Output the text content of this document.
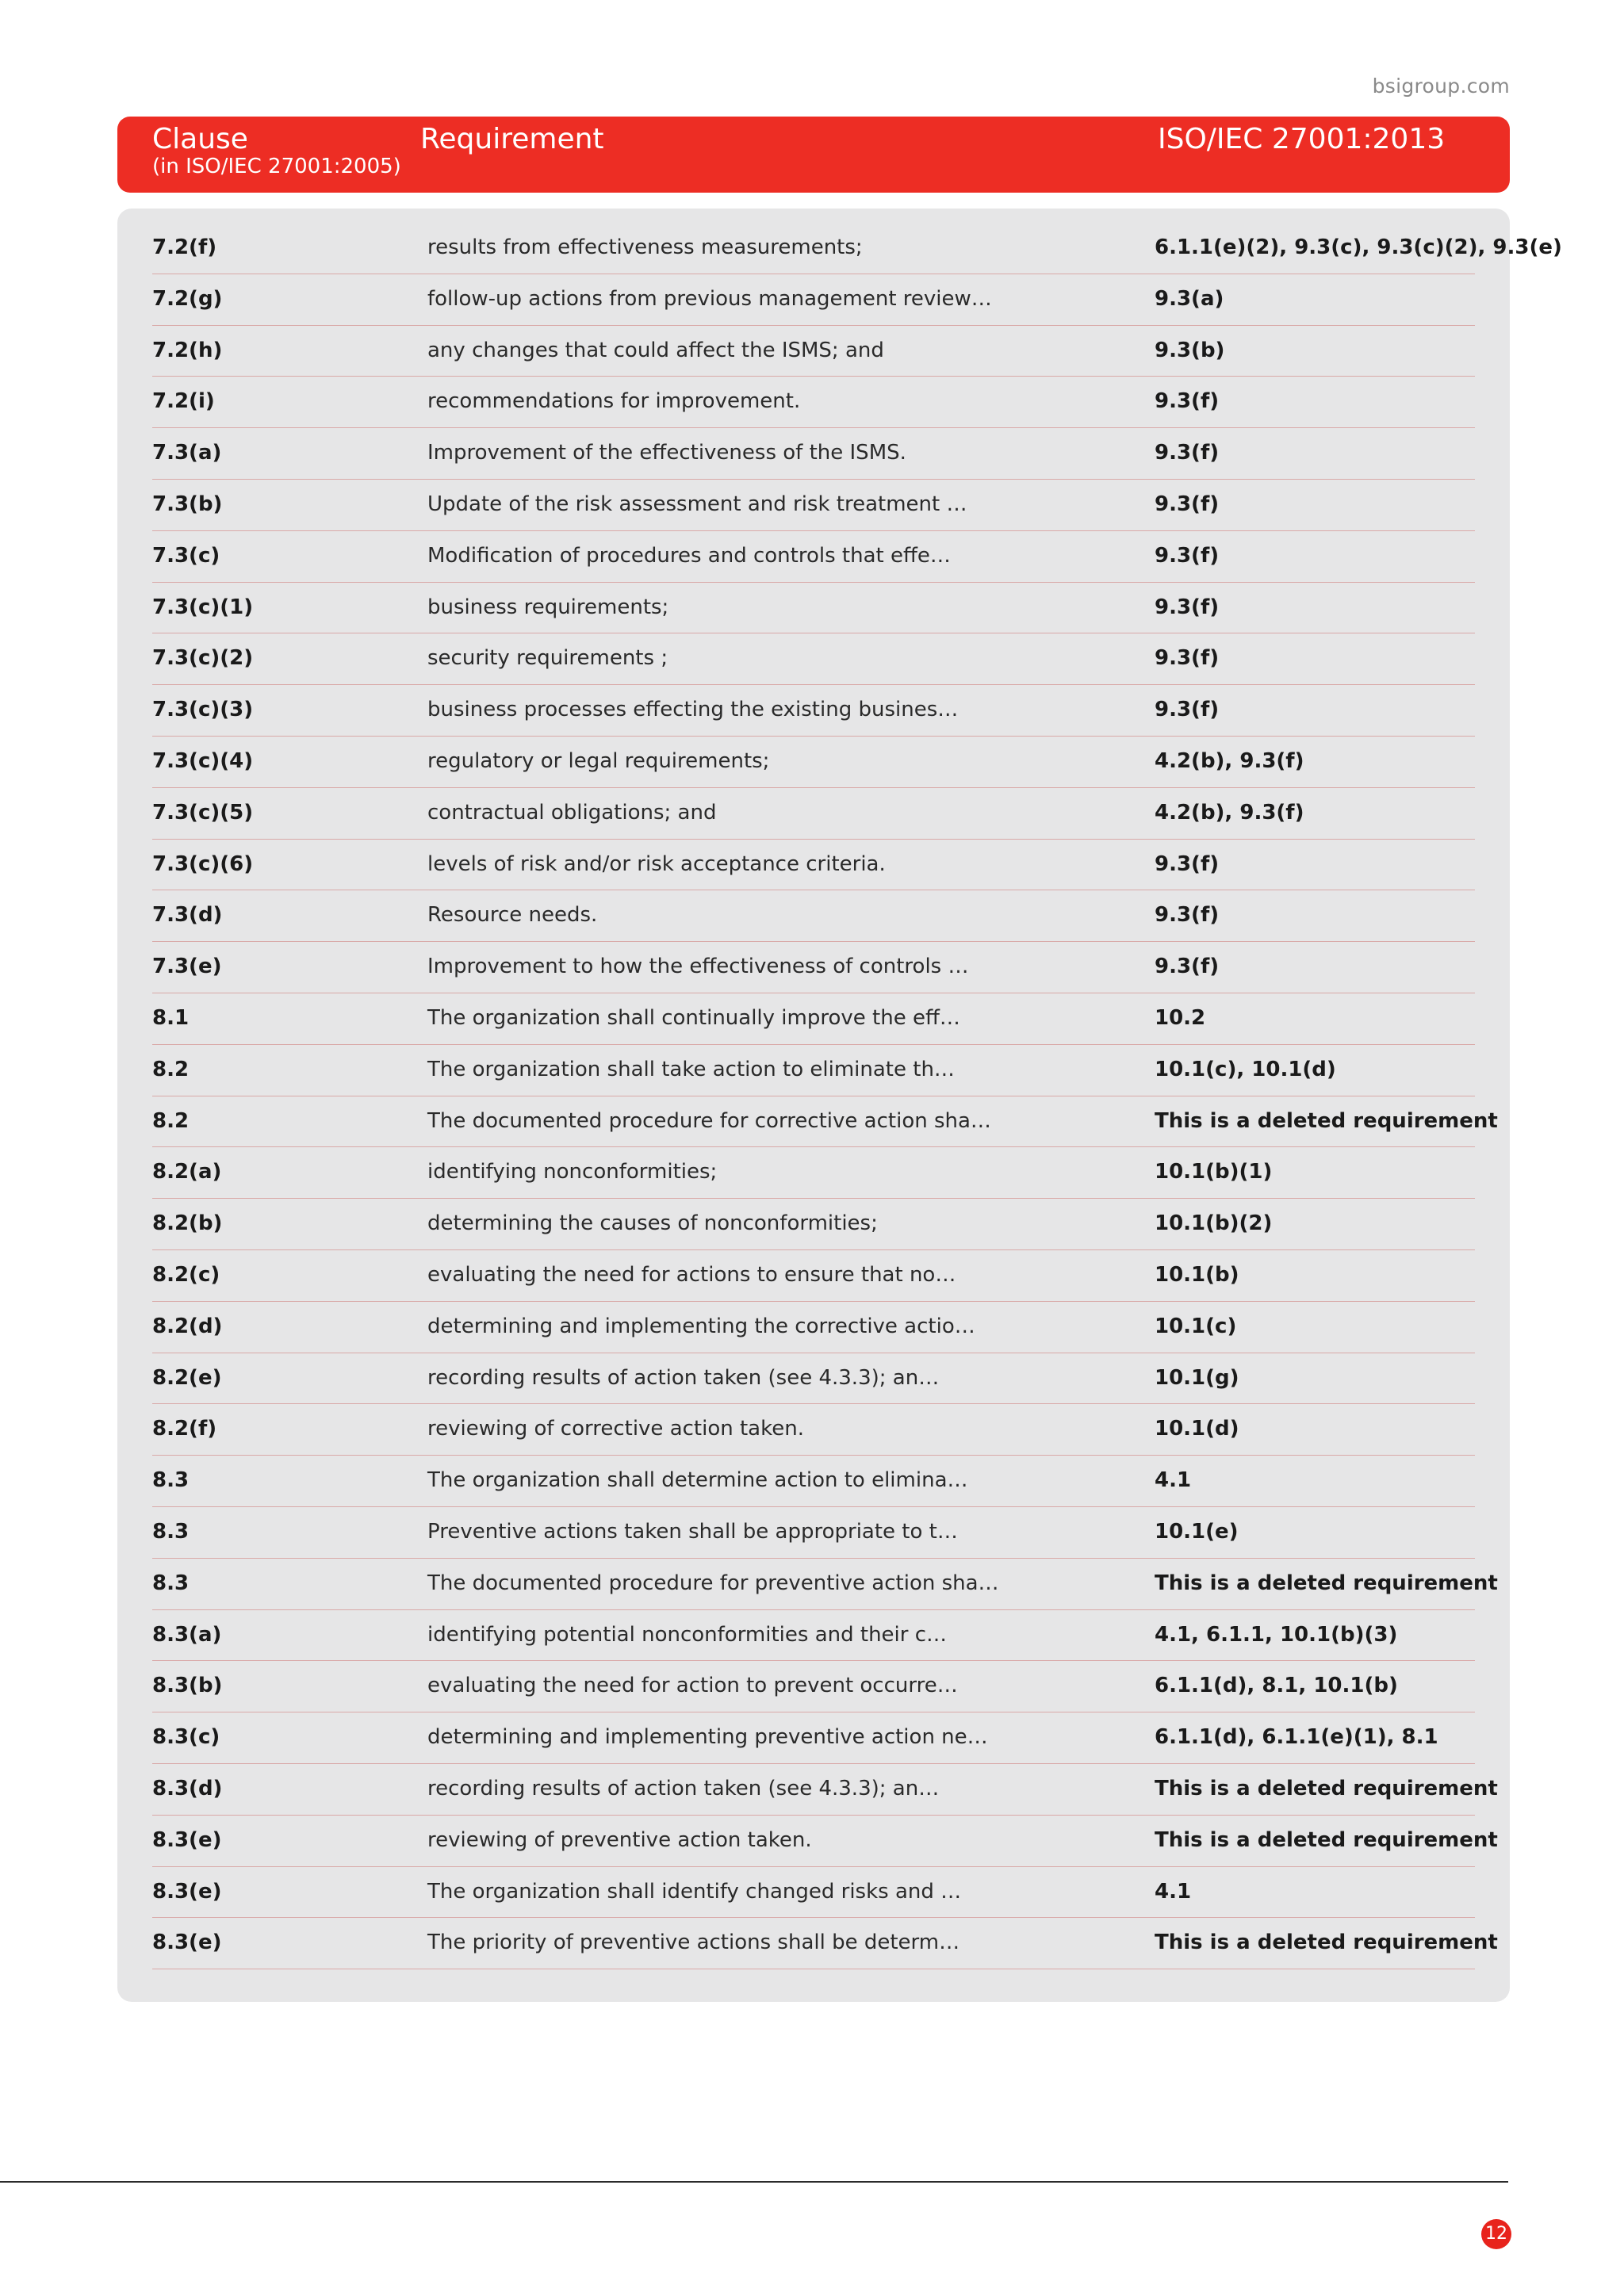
bsigroup.com
Clause
(in ISO/IEC 27001:2005)
Requirement	ISO/IEC 27001:2013
7.2(f)	results from effectiveness measurements;	6.1.1(e)(2), 9.3(c), 9.3(c)(2), 9.3(e)
7.2(g)	follow-up actions from previous management review…	9.3(a)
7.2(h)	any changes that could affect the ISMS; and	9.3(b)
7.2(i)	recommendations for improvement.	9.3(f)
7.3(a)	Improvement of the effectiveness of the ISMS.	9.3(f)
7.3(b)	Update of the risk assessment and risk treatment …	9.3(f)
7.3(c)	Modification of procedures and controls that effe…	9.3(f)
7.3(c)(1)	business requirements;	9.3(f)
7.3(c)(2)	security requirements ;	9.3(f)
7.3(c)(3)	business processes effecting the existing busines…	9.3(f)
7.3(c)(4)	regulatory or legal requirements;	4.2(b), 9.3(f)
7.3(c)(5)	contractual obligations; and	4.2(b), 9.3(f)
7.3(c)(6)	levels of risk and/or risk acceptance criteria.	9.3(f)
7.3(d)	Resource needs.	9.3(f)
7.3(e)	Improvement to how the effectiveness of controls …	9.3(f)
8.1	The organization shall continually improve the eff…	10.2
8.2	The organization shall take action to eliminate th…	10.1(c), 10.1(d)
8.2	The documented procedure for corrective action sha…	This is a deleted requirement
8.2(a)	identifying nonconformities;	10.1(b)(1)
8.2(b)	determining the causes of nonconformities;	10.1(b)(2)
8.2(c)	evaluating the need for actions to ensure that no…	10.1(b)
8.2(d)	determining and implementing the corrective actio…	10.1(c)
8.2(e)	recording results of action taken (see 4.3.3); an…	10.1(g)
8.2(f)	reviewing of corrective action taken.	10.1(d)
8.3	The organization shall determine action to elimina…	4.1
8.3	Preventive actions taken shall be appropriate to t…	10.1(e)
8.3	The documented procedure for preventive action sha…	This is a deleted requirement
8.3(a)	identifying potential nonconformities and their c…	4.1, 6.1.1, 10.1(b)(3)
8.3(b)	evaluating the need for action to prevent occurre…	6.1.1(d), 8.1, 10.1(b)
8.3(c)	determining and implementing preventive action ne…	6.1.1(d), 6.1.1(e)(1), 8.1
8.3(d)	recording results of action taken (see 4.3.3); an…	This is a deleted requirement
8.3(e)	reviewing of preventive action taken.	This is a deleted requirement
8.3(e)	The organization shall identify changed risks and …	4.1
8.3(e)	The priority of preventive actions shall be determ…	This is a deleted requirement
12
